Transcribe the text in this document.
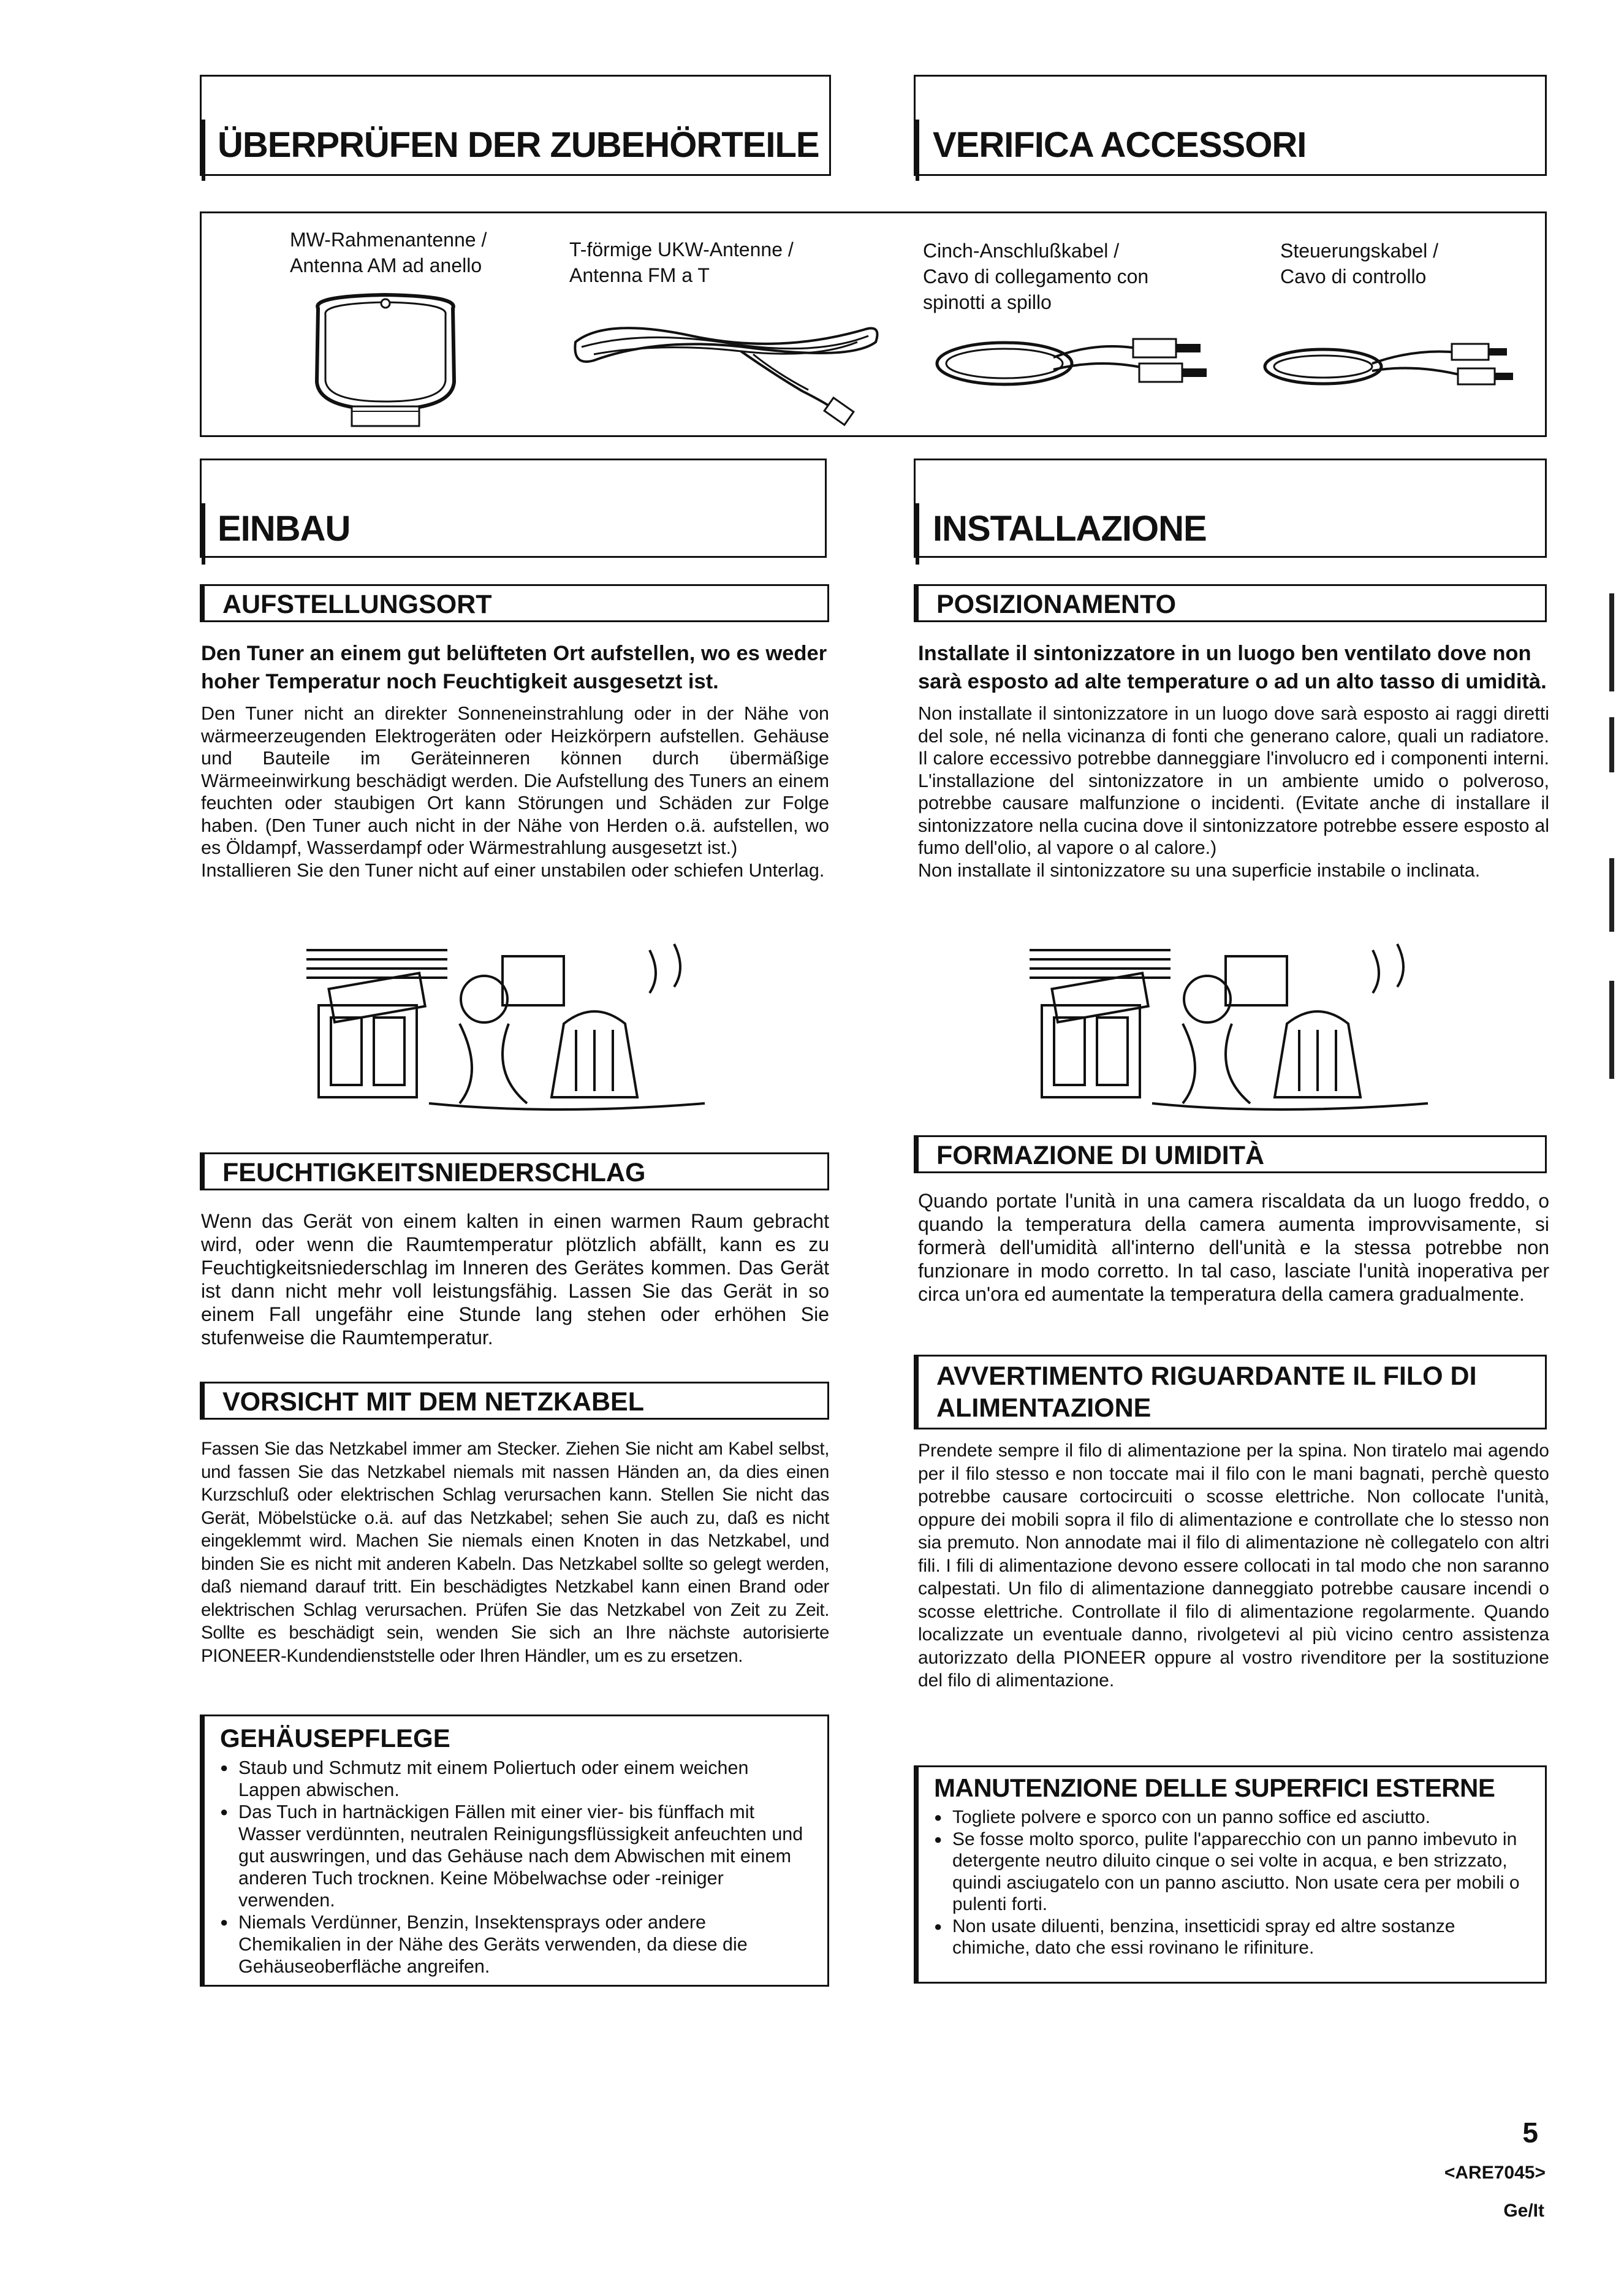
ÜBERPRÜFEN DER ZUBEHÖRTEILE	VERIFICA ACCESSORI
MW-Rahmenantenne /
Antenna AM ad anello
T-förmige UKW-Antenne /
Antenna FM a T
Cinch-Anschlußkabel /
Cavo di collegamento con
spinotti a spillo
Steuerungskabel /
Cavo di controllo
EINBAU	INSTALLAZIONE
AUFSTELLUNGSORT	POSIZIONAMENTO
Den Tuner an einem gut belüfteten Ort aufstellen, wo es weder hoher Temperatur noch Feuchtigkeit ausgesetzt ist.

Den Tuner nicht an direkter Sonneneinstrahlung oder in der Nähe von wärmeerzeugenden Elektrogeräten oder Heizkörpern aufstellen. Gehäuse und Bauteile im Geräteinneren können durch übermäßige Wärmeeinwirkung beschädigt werden. Die Aufstellung des Tuners an einem feuchten oder staubigen Ort kann Störungen und Schäden zur Folge haben. (Den Tuner auch nicht in der Nähe von Herden o.ä. aufstellen, wo es Öldampf, Wasserdampf oder Wärmestrahlung ausgesetzt ist.)

Installieren Sie den Tuner nicht auf einer unstabilen oder schiefen Unterlag.

Installate il sintonizzatore in un luogo ben ventilato dove non sarà esposto ad alte temperature o ad un alto tasso di umidità.

Non installate il sintonizzatore in un luogo dove sarà esposto ai raggi diretti del sole, né nella vicinanza di fonti che generano calore, quali un radiatore. Il calore eccessivo potrebbe danneggiare l'involucro ed i componenti interni. L'installazione del sintonizzatore in un ambiente umido o polveroso, potrebbe causare malfunzione o incidenti. (Evitate anche di installare il sintonizzatore nella cucina dove il sintonizzatore potrebbe essere esposto al fumo dell'olio, al vapore o al calore.)

Non installate il sintonizzatore su una superficie instabile o inclinata.

FEUCHTIGKEITSNIEDERSCHLAG
Wenn das Gerät von einem kalten in einen warmen Raum gebracht wird, oder wenn die Raumtemperatur plötzlich abfällt, kann es zu Feuchtigkeitsniederschlag im Inneren des Gerätes kommen. Das Gerät ist dann nicht mehr voll leistungsfähig. Lassen Sie das Gerät in so einem Fall ungefähr eine Stunde lang stehen oder erhöhen Sie stufenweise die Raumtemperatur.
FORMAZIONE DI UMIDITÀ
Quando portate l'unità in una camera riscaldata da un luogo freddo, o quando la temperatura della camera aumenta improvvisamente, si formerà dell'umidità all'interno dell'unità e la stessa potrebbe non funzionare in modo corretto. In tal caso, lasciate l'unità inoperativa per circa un'ora ed aumentate la temperatura della camera gradualmente.
VORSICHT MIT DEM NETZKABEL
Fassen Sie das Netzkabel immer am Stecker. Ziehen Sie nicht am Kabel selbst, und fassen Sie das Netzkabel niemals mit nassen Händen an, da dies einen Kurzschluß oder elektrischen Schlag verursachen kann. Stellen Sie nicht das Gerät, Möbelstücke o.ä. auf das Netzkabel; sehen Sie auch zu, daß es nicht eingeklemmt wird. Machen Sie niemals einen Knoten in das Netzkabel, und binden Sie es nicht mit anderen Kabeln. Das Netzkabel sollte so gelegt werden, daß niemand darauf tritt. Ein beschädigtes Netzkabel kann einen Brand oder elektrischen Schlag verursachen. Prüfen Sie das Netzkabel von Zeit zu Zeit. Sollte es beschädigt sein, wenden Sie sich an Ihre nächste autorisierte PIONEER-Kundendienststelle oder Ihren Händler, um es zu ersetzen.
AVVERTIMENTO RIGUARDANTE IL FILO DI ALIMENTAZIONE
Prendete sempre il filo di alimentazione per la spina. Non tiratelo mai agendo per il filo stesso e non toccate mai il filo con le mani bagnati, perchè questo potrebbe causare cortocircuiti o scosse elettriche. Non collocate l'unità, oppure dei mobili sopra il filo di alimentazione e controllate che lo stesso non sia premuto. Non annodate mai il filo di alimentazione nè collegatelo con altri fili. I fili di alimentazione devono essere collocati in tal modo che non saranno calpestati. Un filo di alimentazione danneggiato potrebbe causare incendi o scosse elettriche. Controllate il filo di alimentazione regolarmente. Quando localizzate un eventuale danno, rivolgetevi al più vicino centro assistenza autorizzato della PIONEER oppure al vostro rivenditore per la sostituzione del filo di alimentazione.
GEHÄUSEPFLEGE

● Staub und Schmutz mit einem Poliertuch oder einem weichen Lappen abwischen.

● Das Tuch in hartnäckigen Fällen mit einer vier- bis fünffach mit Wasser verdünnten, neutralen Reinigungsflüssigkeit anfeuchten und gut auswringen, und das Gehäuse nach dem Abwischen mit einem anderen Tuch trocknen. Keine Möbelwachse oder -reiniger verwenden.

● Niemals Verdünner, Benzin, Insektensprays oder andere Chemikalien in der Nähe des Geräts verwenden, da diese die Gehäuseoberfläche angreifen.

MANUTENZIONE DELLE SUPERFICI ESTERNE

● Togliete polvere e sporco con un panno soffice ed asciutto.

● Se fosse molto sporco, pulite l'apparecchio con un panno imbevuto in detergente neutro diluito cinque o sei volte in acqua, e ben strizzato, quindi asciugatelo con un panno asciutto. Non usate cera per mobili o pulenti forti.

● Non usate diluenti, benzina, insetticidi spray ed altre sostanze chimiche, dato che essi rovinano le rifiniture.

5
<ARE7045>
Ge/It
